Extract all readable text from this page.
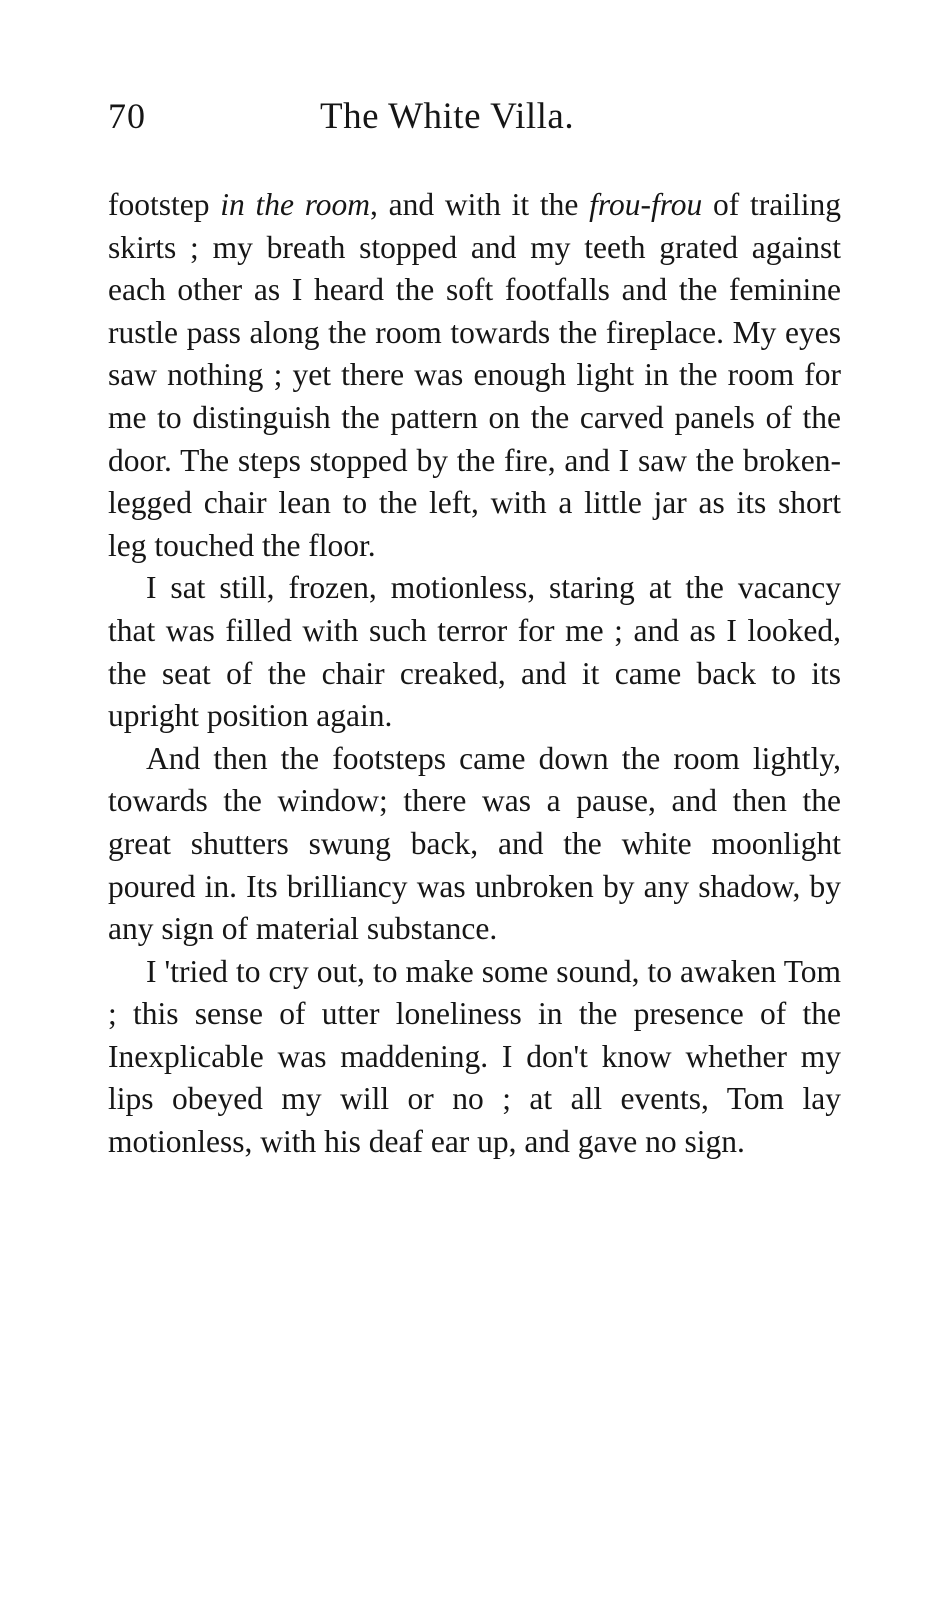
70	The White Villa.

footstep in the room, and with it the frou-frou of trailing skirts ; my breath stopped and my teeth grated against each other as I heard the soft footfalls and the feminine rustle pass along the room towards the fireplace. My eyes saw nothing ; yet there was enough light in the room for me to distinguish the pattern on the carved panels of the door. The steps stopped by the fire, and I saw the broken-legged chair lean to the left, with a little jar as its short leg touched the floor.

I sat still, frozen, motionless, staring at the vacancy that was filled with such terror for me ; and as I looked, the seat of the chair creaked, and it came back to its upright position again.

And then the footsteps came down the room lightly, towards the window; there was a pause, and then the great shutters swung back, and the white moonlight poured in. Its brilliancy was unbroken by any shadow, by any sign of material substance.

I 'tried to cry out, to make some sound, to awaken Tom ; this sense of utter loneliness in the presence of the Inexplicable was maddening. I don't know whether my lips obeyed my will or no ; at all events, Tom lay motionless, with his deaf ear up, and gave no sign.
